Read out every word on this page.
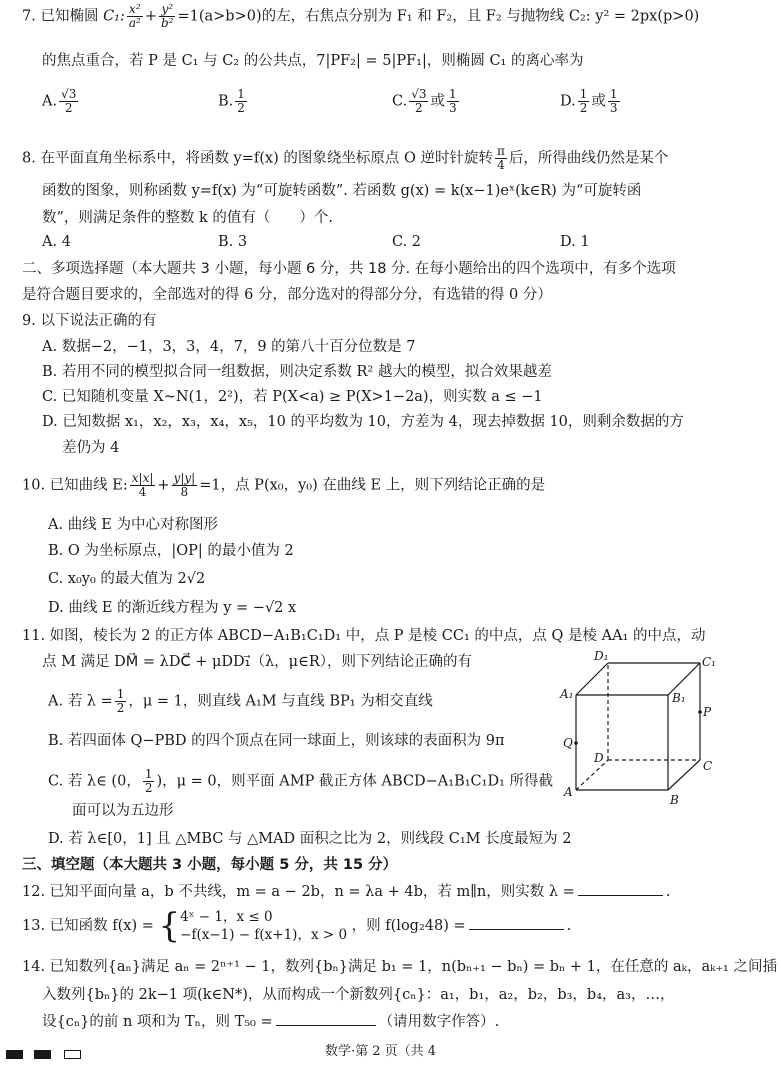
7. 已知椭圆 C₁: $\frac{\text{x²}}{\text{a²}} + \frac{\text{y²}}{\text{b²}} =1(a>b>0)$的左，右焦点分别为 F₁ 和 F₂，且 F₂ 与抛物线 C₂: y² = 2px(p>0)
的焦点重合，若 P 是 C₁ 与 C₂ 的公共点，7|PF₂| = 5|PF₁|，则椭圆 C₁ 的离心率为
A. $\frac{√3}{2}$	B. $\frac{1}{2}$	C. $\frac{√3}{2}$ 或 $\frac{1}{3}$	D. $\frac{1}{2}$ 或 $\frac{1}{3}$
8. 在平面直角坐标系中，将函数 y=f(x) 的图象绕坐标原点 O 逆时针旋转 $\frac{\pi}{4}$ 后，所得曲线仍然是某个
函数的图象，则称函数 y=f(x) 为“可旋转函数”. 若函数 g(x) = k(x−1)eˣ(k∈R) 为“可旋转函
数”，则满足条件的整数 k 的值有（　　）个.
A. 4	B. 3	C. 2	D. 1
二、多项选择题（本大题共 3 小题，每小题 6 分，共 18 分. 在每小题给出的四个选项中，有多个选项
是符合题目要求的，全部选对的得 6 分，部分选对的得部分分，有选错的得 0 分）
9. 以下说法正确的有
A. 数据−2，−1，3，3，4，7，9 的第八十百分位数是 7
B. 若用不同的模型拟合同一组数据，则决定系数 R² 越大的模型，拟合效果越差
C. 已知随机变量 X~N(1，2²)，若 P(X<a) ≥ P(X>1−2a)，则实数 a ≤ −1
D. 已知数据 x₁，x₂，x₃，x₄，x₅，10 的平均数为 10，方差为 4，现去掉数据 10，则剩余数据的方
差仍为 4
10. 已知曲线 E: $\frac{x|x|}{4} + \frac{y|y|}{8} =1$，点 P(x₀，y₀) 在曲线 E 上，则下列结论正确的是
A. 曲线 E 为中心对称图形
B. O 为坐标原点，|OP| 的最小值为 2
C. x₀y₀ 的最大值为 2√2
D. 曲线 E 的渐近线方程为 y = −√2 x
11. 如图，棱长为 2 的正方体 ABCD−A₁B₁C₁D₁ 中，点 P 是棱 CC₁ 的中点，点 Q 是棱 AA₁ 的中点，动
点 M 满足 DM⃗ = λDC⃗ + μDD₁⃗（λ，μ∈R），则下列结论正确的有
A. 若 $\lambda = \frac{1}{2}$ ，μ = 1，则直线 A₁M 与直线 BP₁ 为相交直线
B. 若四面体 Q−PBD 的四个顶点在同一球面上，则该球的表面积为 9π
C. 若 λ∈ (0， $\frac{1}{2}$ )，μ = 0，则平面 AMP 截正方体 ABCD−A₁B₁C₁D₁ 所得截
面可以为五边形
D. 若 λ∈[0，1] 且 △MBC 与 △MAD 面积之比为 2，则线段 C₁M 长度最短为 2
D₁	C₁
A₁	B₁
P
Q
D
C
A
B
三、填空题（本大题共 3 小题，每小题 5 分，共 15 分）
12. 已知平面向量 a，b 不共线，m = a − 2b，n = λa + 4b，若 m∥n，则实数 λ =	.
13. 已知函数 f(x) = { 4ˣ − 1，x ≤ 0
−f(x−1) − f(x+1)，x > 0
，则 f(log₂48) =	.
14. 已知数列{aₙ}满足 aₙ = 2ⁿ⁺¹ − 1，数列{bₙ}满足 b₁ = 1，n(bₙ₊₁ − bₙ) = bₙ + 1，在任意的 aₖ，aₖ₊₁ 之间插
入数列{bₙ}的 2k−1 项(k∈N*)，从而构成一个新数列{cₙ}：a₁，b₁，a₂，b₂，b₃，b₄，a₃，…，
设{cₙ}的前 n 项和为 Tₙ，则 T₅₀ =	（请用数字作答）.
数学·第 2 页（共 4
